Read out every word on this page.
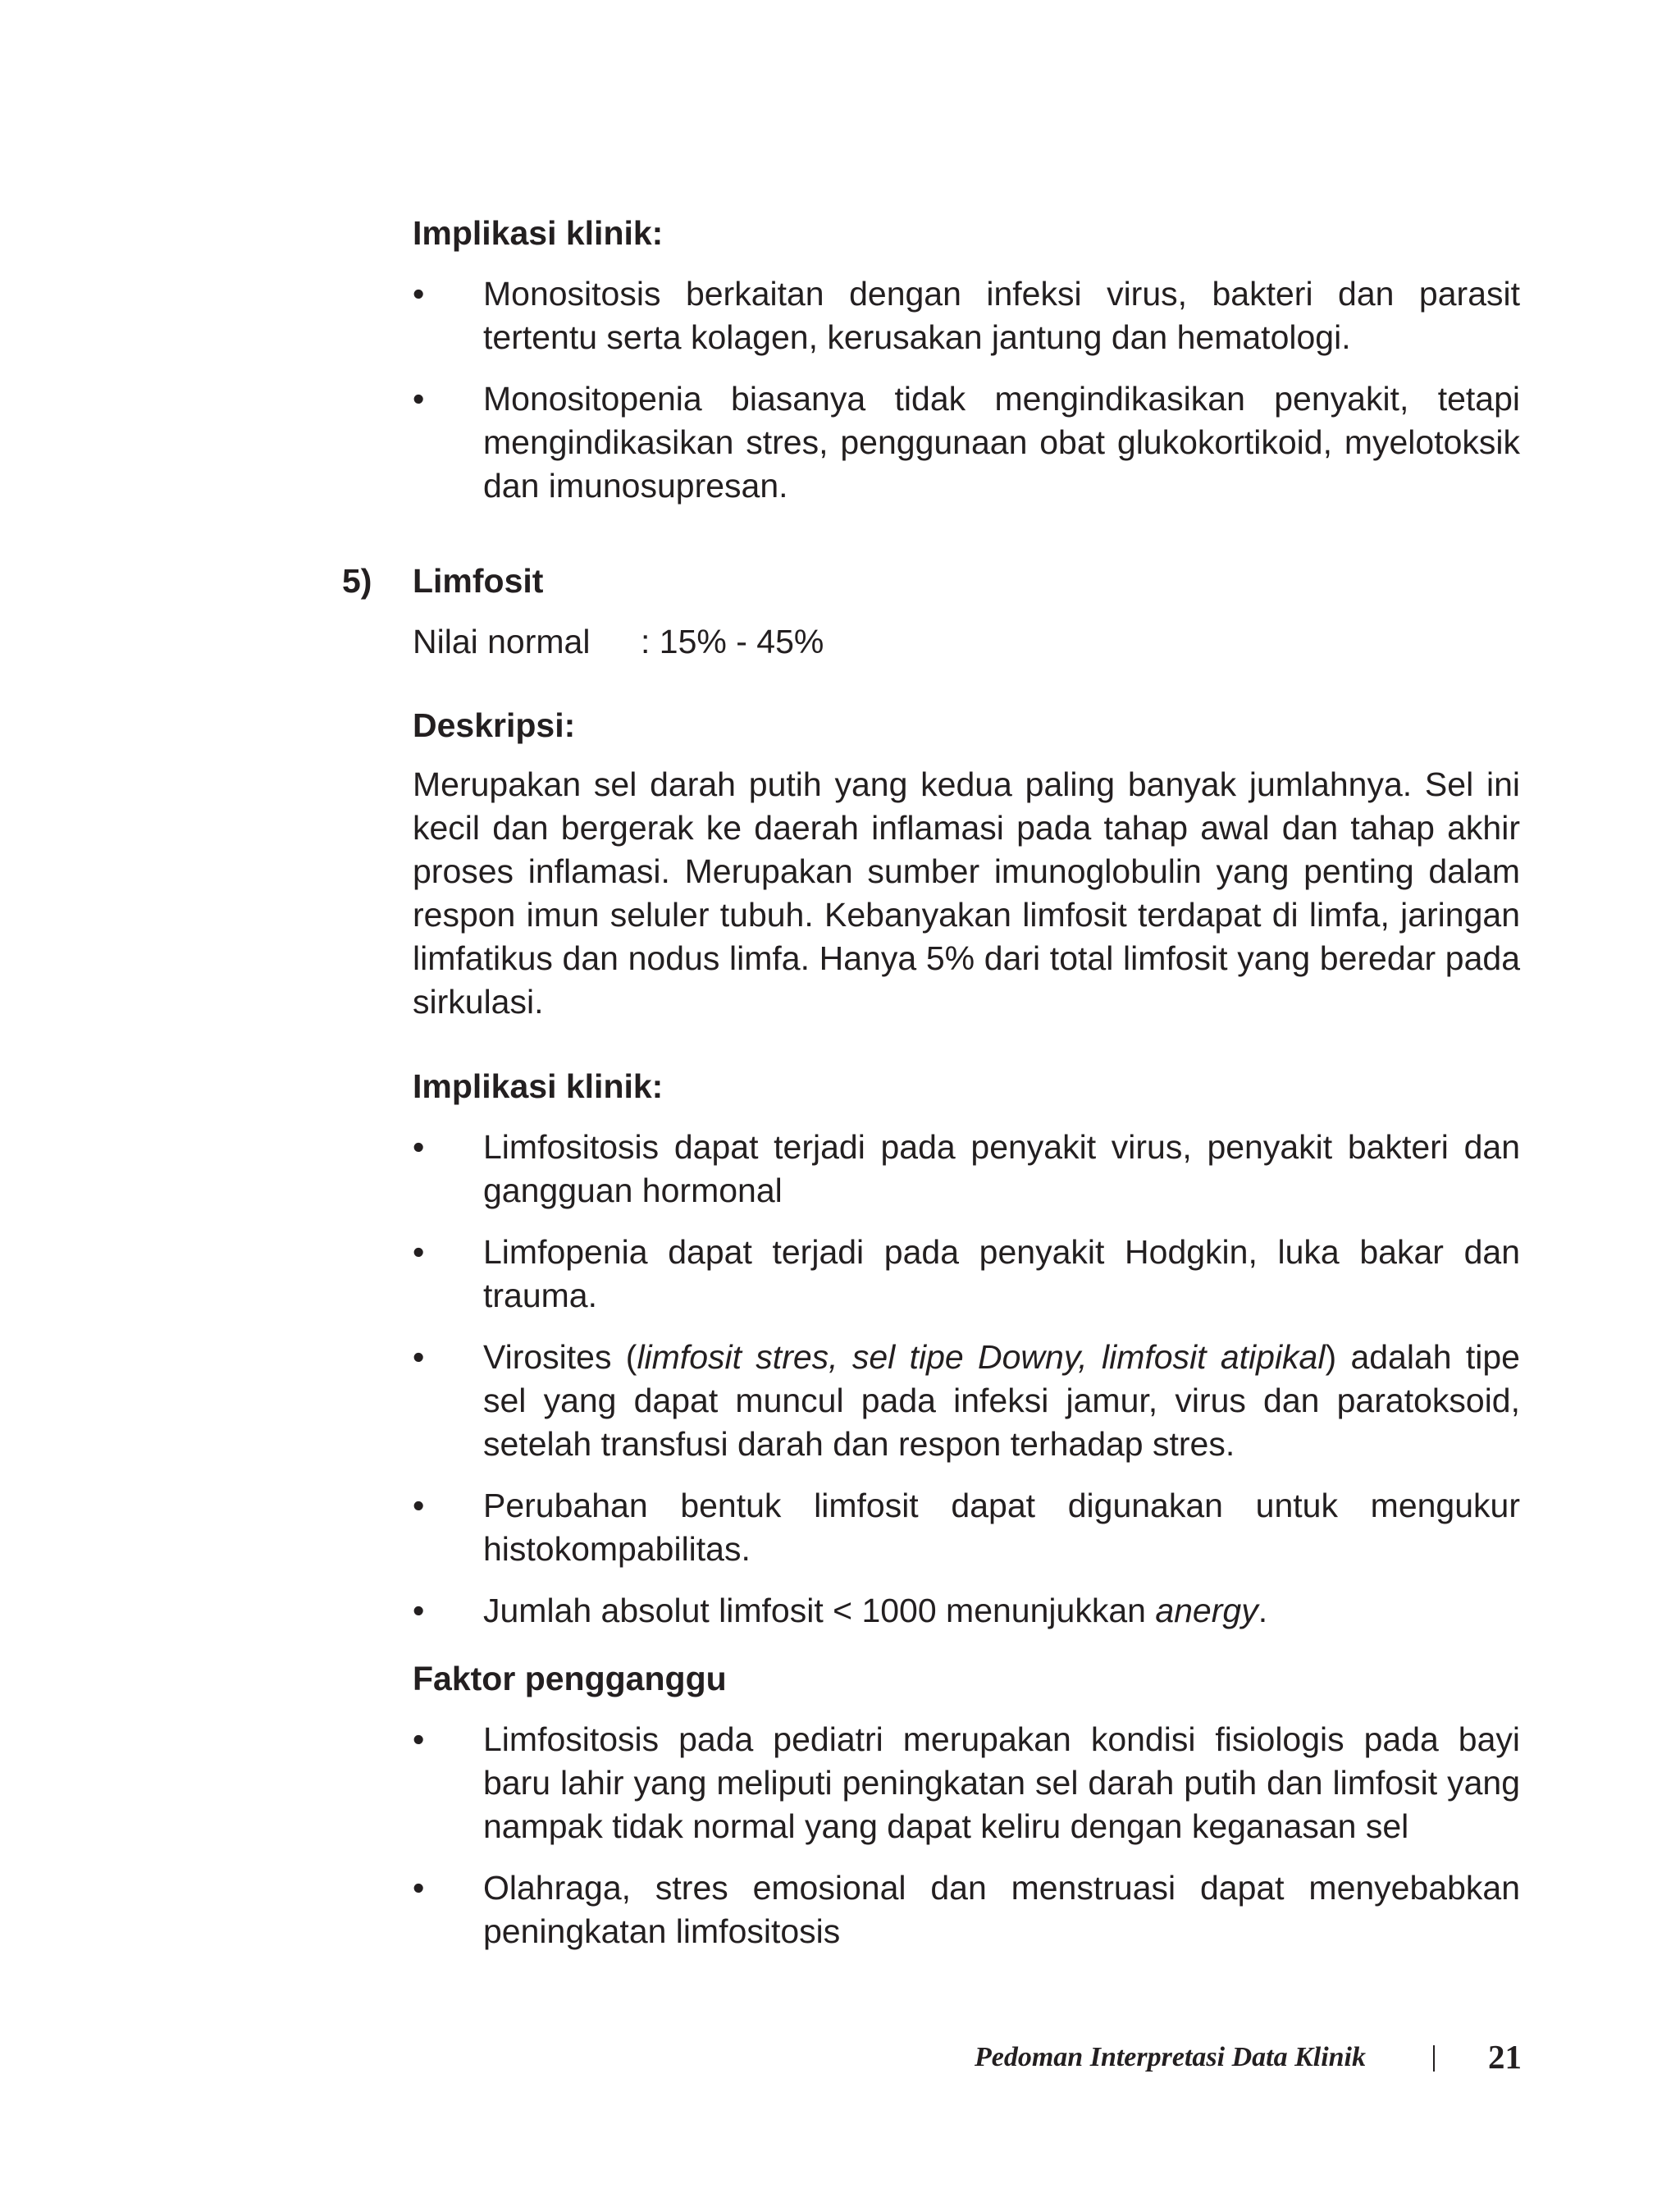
Implikasi klinik:

• Monositosis berkaitan dengan infeksi virus, bakteri dan parasit tertentu serta kolagen, kerusakan jantung dan hematologi.
• Monositopenia biasanya tidak mengindikasikan penyakit, tetapi mengindikasikan stres, penggunaan obat glukokortikoid, myelotoksik dan imunosupresan.
5) Limfosit

Nilai normal : 15% - 45%

Deskripsi:

Merupakan sel darah putih yang kedua paling banyak jumlahnya. Sel ini kecil dan bergerak ke daerah inflamasi pada tahap awal dan tahap akhir proses inflamasi. Merupakan sumber imunoglobulin yang penting dalam respon imun seluler tubuh. Kebanyakan limfosit terdapat di limfa, jaringan limfatikus dan nodus limfa. Hanya 5% dari total limfosit yang beredar pada sirkulasi.

Implikasi klinik:

• Limfositosis dapat terjadi pada penyakit virus, penyakit bakteri dan gangguan hormonal
• Limfopenia dapat terjadi pada penyakit Hodgkin, luka bakar dan trauma.
• Virosites (limfosit stres, sel tipe Downy, limfosit atipikal) adalah tipe sel yang dapat muncul pada infeksi jamur, virus dan paratoksoid, setelah transfusi darah dan respon terhadap stres.
• Perubahan bentuk limfosit dapat digunakan untuk mengukur histokompabilitas.
• Jumlah absolut limfosit < 1000 menunjukkan anergy.

Faktor pengganggu

• Limfositosis pada pediatri merupakan kondisi fisiologis pada bayi baru lahir yang meliputi peningkatan sel darah putih dan limfosit yang nampak tidak normal yang dapat keliru dengan keganasan sel
• Olahraga, stres emosional dan menstruasi dapat menyebabkan peningkatan limfositosis
Pedoman Interpretasi Data Klinik	21
